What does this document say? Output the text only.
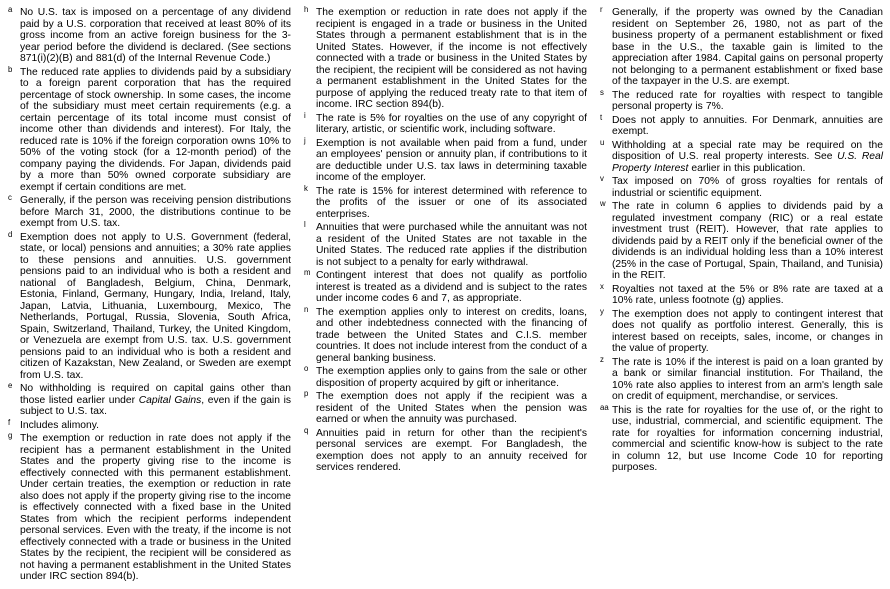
a No U.S. tax is imposed on a percentage of any dividend paid by a U.S. corporation that received at least 80% of its gross income from an active foreign business for the 3-year period before the dividend is declared. (See sections 871(i)(2)(B) and 881(d) of the Internal Revenue Code.)
b The reduced rate applies to dividends paid by a subsidiary to a foreign parent corporation that has the required percentage of stock ownership. In some cases, the income of the subsidiary must meet certain requirements (e.g. a certain percentage of its total income must consist of income other than dividends and interest). For Italy, the reduced rate is 10% if the foreign corporation owns 10% to 50% of the voting stock (for a 12-month period) of the company paying the dividends. For Japan, dividends paid by a more than 50% owned corporate subsidiary are exempt if certain conditions are met.
c Generally, if the person was receiving pension distributions before March 31, 2000, the distributions continue to be exempt from U.S. tax.
d Exemption does not apply to U.S. Government (federal, state, or local) pensions and annuities; a 30% rate applies to these pensions and annuities. U.S. government pensions paid to an individual who is both a resident and national of Bangladesh, Belgium, China, Denmark, Estonia, Finland, Germany, Hungary, India, Ireland, Italy, Japan, Latvia, Lithuania, Luxembourg, Mexico, The Netherlands, Portugal, Russia, Slovenia, South Africa, Spain, Switzerland, Thailand, Turkey, the United Kingdom, or Venezuela are exempt from U.S. tax. U.S. government pensions paid to an individual who is both a resident and citizen of Kazakstan, New Zealand, or Sweden are exempt from U.S. tax.
e No withholding is required on capital gains other than those listed earlier under Capital Gains, even if the gain is subject to U.S. tax.
f Includes alimony.
g The exemption or reduction in rate does not apply if the recipient has a permanent establishment in the United States and the property giving rise to the income is effectively connected with this permanent establishment. Under certain treaties, the exemption or reduction in rate also does not apply if the property giving rise to the income is effectively connected with a fixed base in the United States from which the recipient performs independent personal services. Even with the treaty, if the income is not effectively connected with a trade or business in the United States by the recipient, the recipient will be considered as not having a permanent establishment in the United States under IRC section 894(b).
h The exemption or reduction in rate does not apply if the recipient is engaged in a trade or business in the United States through a permanent establishment that is in the United States. However, if the income is not effectively connected with a trade or business in the United States by the recipient, the recipient will be considered as not having a permanent establishment in the United States for the purpose of applying the reduced treaty rate to that item of income. IRC section 894(b).
i The rate is 5% for royalties on the use of any copyright of literary, artistic, or scientific work, including software.
j Exemption is not available when paid from a fund, under an employees' pension or annuity plan, if contributions to it are deductible under U.S. tax laws in determining taxable income of the employer.
k The rate is 15% for interest determined with reference to the profits of the issuer or one of its associated enterprises.
l Annuities that were purchased while the annuitant was not a resident of the United States are not taxable in the United States. The reduced rate applies if the distribution is not subject to a penalty for early withdrawal.
m Contingent interest that does not qualify as portfolio interest is treated as a dividend and is subject to the rates under income codes 6 and 7, as appropriate.
n The exemption applies only to interest on credits, loans, and other indebtedness connected with the financing of trade between the United States and C.I.S. member countries. It does not include interest from the conduct of a general banking business.
o The exemption applies only to gains from the sale or other disposition of property acquired by gift or inheritance.
p The exemption does not apply if the recipient was a resident of the United States when the pension was earned or when the annuity was purchased.
q Annuities paid in return for other than the recipient's personal services are exempt. For Bangladesh, the exemption does not apply to an annuity received for services rendered.
r Generally, if the property was owned by the Canadian resident on September 26, 1980, not as part of the business property of a permanent establishment or fixed base in the U.S., the taxable gain is limited to the appreciation after 1984. Capital gains on personal property not belonging to a permanent establishment or fixed base of the taxpayer in the U.S. are exempt.
s The reduced rate for royalties with respect to tangible personal property is 7%.
t Does not apply to annuities. For Denmark, annuities are exempt.
u Withholding at a special rate may be required on the disposition of U.S. real property interests. See U.S. Real Property Interest earlier in this publication.
v Tax imposed on 70% of gross royalties for rentals of industrial or scientific equipment.
w The rate in column 6 applies to dividends paid by a regulated investment company (RIC) or a real estate investment trust (REIT). However, that rate applies to dividends paid by a REIT only if the beneficial owner of the dividends is an individual holding less than a 10% interest (25% in the case of Portugal, Spain, Thailand, and Tunisia) in the REIT.
x Royalties not taxed at the 5% or 8% rate are taxed at a 10% rate, unless footnote (g) applies.
y The exemption does not apply to contingent interest that does not qualify as portfolio interest. Generally, this is interest based on receipts, sales, income, or changes in the value of property.
z The rate is 10% if the interest is paid on a loan granted by a bank or similar financial institution. For Thailand, the 10% rate also applies to interest from an arm's length sale on credit of equipment, merchandise, or services.
aa This is the rate for royalties for the use of, or the right to use, industrial, commercial, and scientific equipment. The rate for royalties for information concerning industrial, commercial and scientific know-how is subject to the rate in column 12, but use Income Code 10 for reporting purposes.
